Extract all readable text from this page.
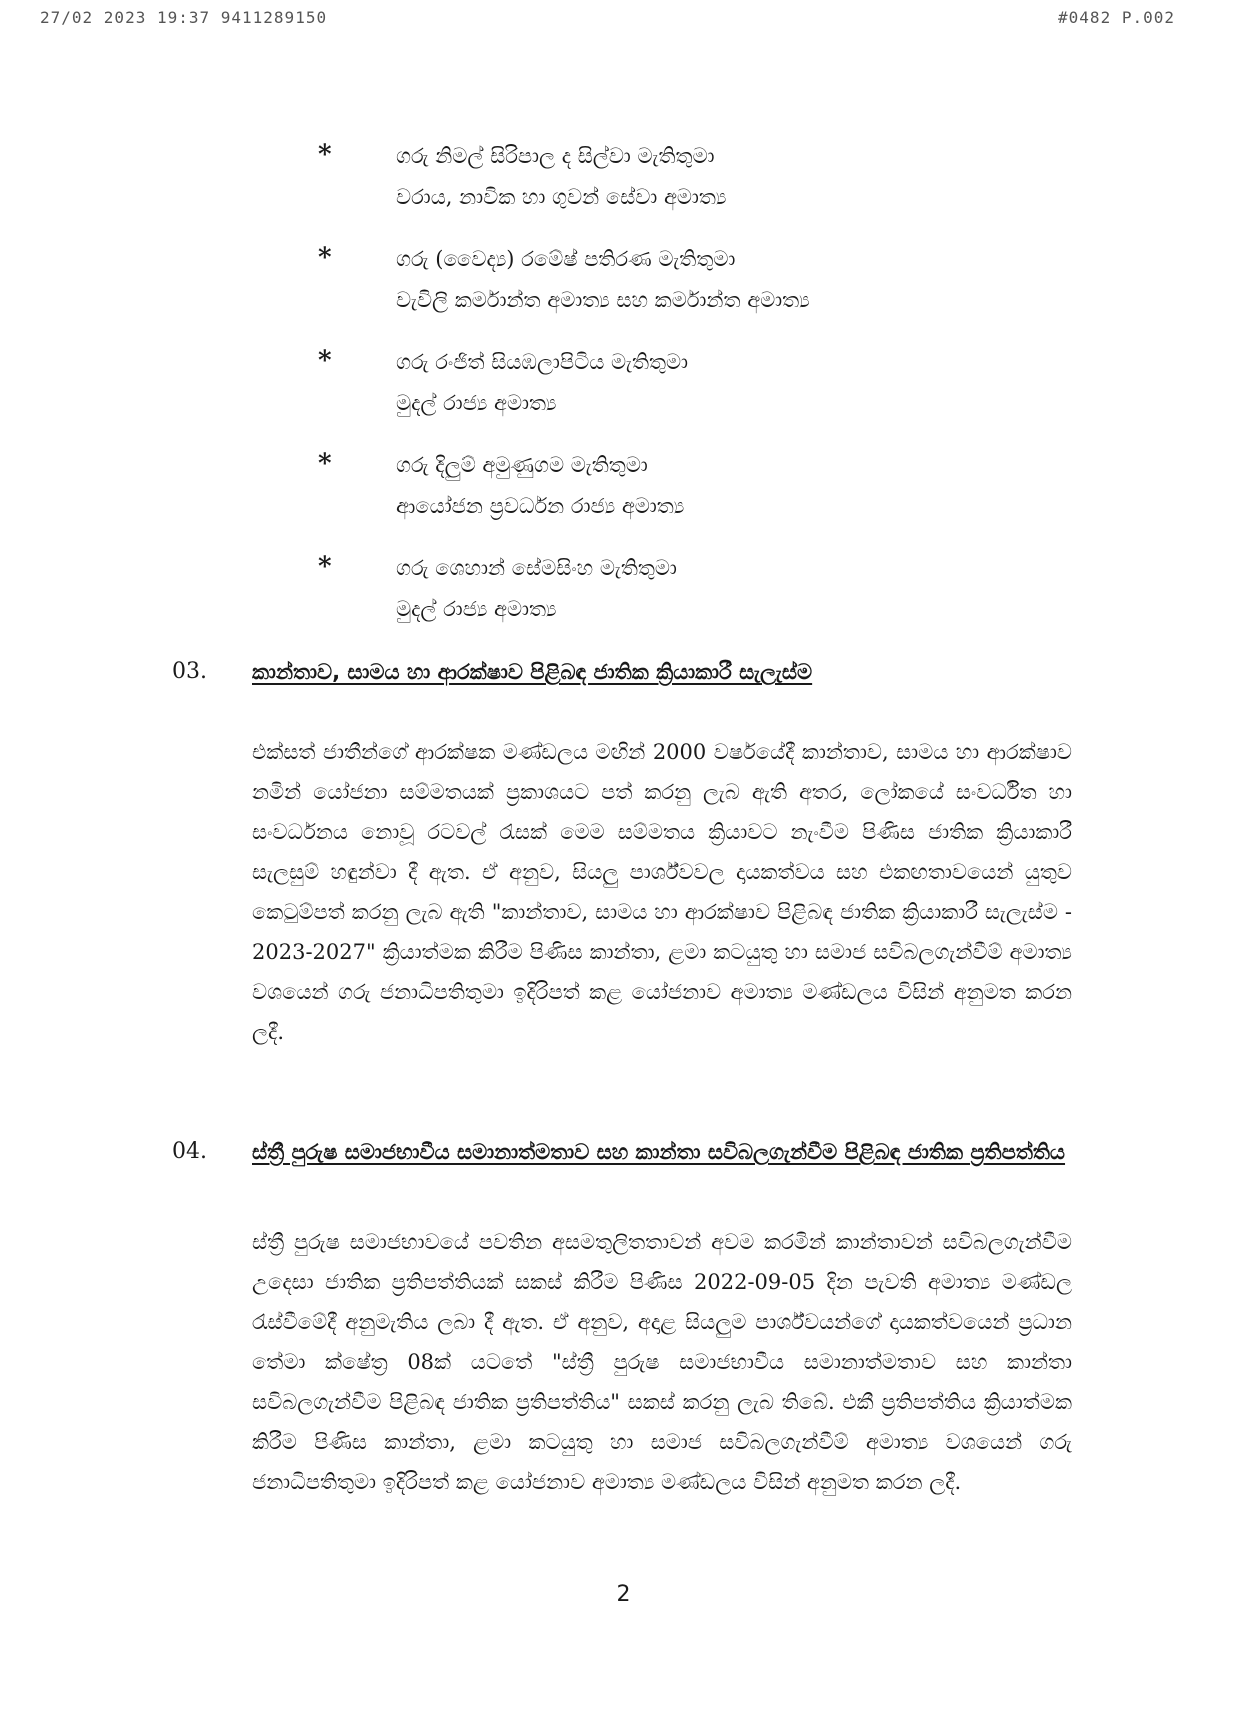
27/02 2023 19:37 9411289150	#0482 P.002
*	ගරු නිමල් සිරිපාල ද සිල්වා මැතිතුමා
වරාය, නාවික හා ගුවන් සේවා අමාත්‍ය
*	ගරු (වෛද්‍ය) රමේෂ් පතිරණ මැතිතුමා
වැවිලි කර්මාන්ත අමාත්‍ය සහ කර්මාන්ත අමාත්‍ය
*	ගරු රංජිත් සියඹලාපිටිය මැතිතුමා
මුදල් රාජ්‍ය අමාත්‍ය
*	ගරු දිලුම් අමුණුගම මැතිතුමා
ආයෝජන ප්‍රවර්ධන රාජ්‍ය අමාත්‍ය
*	ගරු ශෙහාන් සේමසිංහ මැතිතුමා
මුදල් රාජ්‍ය අමාත්‍ය
03. කාන්තාව, සාමය හා ආරක්ෂාව පිළිබඳ ජාතික ක්‍රියාකාරී සැලැස්ම
එක්සත් ජාතීන්ගේ ආරක්ෂක මණ්ඩලය මඟින් 2000 වර්ෂයේදී කාන්තාව, සාමය හා ආරක්ෂාව නමින් යෝජනා සම්මතයක් ප්‍රකාශයට පත් කරනු ලැබ ඇති අතර, ලෝකයේ සංවර්ධිත හා සංවර්ධනය නොවූ රටවල් රැසක් මෙම සම්මතය ක්‍රියාවට නැංවීම පිණිස ජාතික ක්‍රියාකාරී සැලසුම් හඳුන්වා දී ඇත. ඒ අනුව, සියලු පාර්ශ්වවල දායකත්වය සහ එකඟතාවයෙන් යුතුව කෙටුම්පත් කරනු ලැබ ඇති "කාන්තාව, සාමය හා ආරක්ෂාව පිළිබඳ ජාතික ක්‍රියාකාරී සැලැස්ම - 2023-2027" ක්‍රියාත්මක කිරීම පිණිස කාන්තා, ළමා කටයුතු හා සමාජ සවිබලගැන්වීම් අමාත්‍ය වශයෙන් ගරු ජනාධිපතිතුමා ඉදිරිපත් කළ යෝජනාව අමාත්‍ය මණ්ඩලය විසින් අනුමත කරන ලදී.
04. ස්ත්‍රී පුරුෂ සමාජභාවීය සමානාත්මතාව සහ කාන්තා සවිබලගැන්වීම පිළිබඳ ජාතික ප්‍රතිපත්තිය
ස්ත්‍රී පුරුෂ සමාජභාවයේ පවතින අසමතුලිතතාවන් අවම කරමින් කාන්තාවන් සවිබලගැන්වීම උදෙසා ජාතික ප්‍රතිපත්තියක් සකස් කිරීම පිණිස 2022-09-05 දින පැවති අමාත්‍ය මණ්ඩල රැස්වීමේදී අනුමැතිය ලබා දී ඇත. ඒ අනුව, අදාළ සියලුම පාර්ශ්වයන්ගේ දායකත්වයෙන් ප්‍රධාන තේමා ක්ෂේත්‍ර 08ක් යටතේ "ස්ත්‍රී පුරුෂ සමාජභාවීය සමානාත්මතාව සහ කාන්තා සවිබලගැන්වීම පිළිබඳ ජාතික ප්‍රතිපත්තිය" සකස් කරනු ලැබ තිබේ. එකී ප්‍රතිපත්තිය ක්‍රියාත්මක කිරීම පිණිස කාන්තා, ළමා කටයුතු හා සමාජ සවිබලගැන්වීම් අමාත්‍ය වශයෙන් ගරු ජනාධිපතිතුමා ඉදිරිපත් කළ යෝජනාව අමාත්‍ය මණ්ඩලය විසින් අනුමත කරන ලදී.
2
